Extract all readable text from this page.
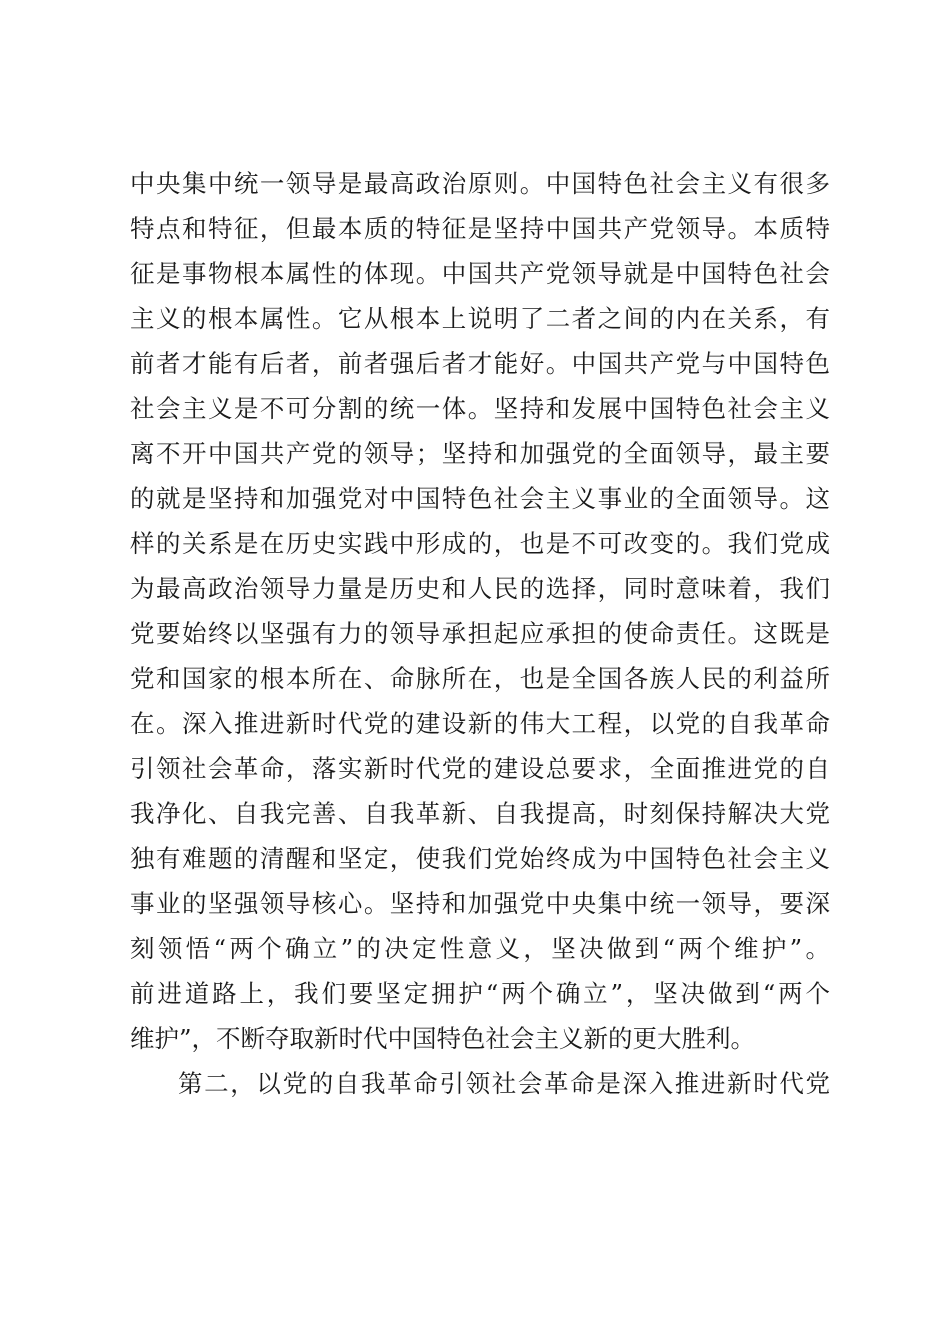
中央集中统一领导是最高政治原则。中国特色社会主义有很多
特点和特征，但最本质的特征是坚持中国共产党领导。本质特
征是事物根本属性的体现。中国共产党领导就是中国特色社会
主义的根本属性。它从根本上说明了二者之间的内在关系，有
前者才能有后者，前者强后者才能好。中国共产党与中国特色
社会主义是不可分割的统一体。坚持和发展中国特色社会主义
离不开中国共产党的领导；坚持和加强党的全面领导，最主要
的就是坚持和加强党对中国特色社会主义事业的全面领导。这
样的关系是在历史实践中形成的，也是不可改变的。我们党成
为最高政治领导力量是历史和人民的选择，同时意味着，我们
党要始终以坚强有力的领导承担起应承担的使命责任。这既是
党和国家的根本所在、命脉所在，也是全国各族人民的利益所
在。深入推进新时代党的建设新的伟大工程，以党的自我革命
引领社会革命，落实新时代党的建设总要求，全面推进党的自
我净化、自我完善、自我革新、自我提高，时刻保持解决大党
独有难题的清醒和坚定，使我们党始终成为中国特色社会主义
事业的坚强领导核心。坚持和加强党中央集中统一领导，要深
刻领悟“两个确立”的决定性意义，坚决做到“两个维护”。
前进道路上，我们要坚定拥护“两个确立”，坚决做到“两个
维护”，不断夺取新时代中国特色社会主义新的更大胜利。
第二，以党的自我革命引领社会革命是深入推进新时代党
